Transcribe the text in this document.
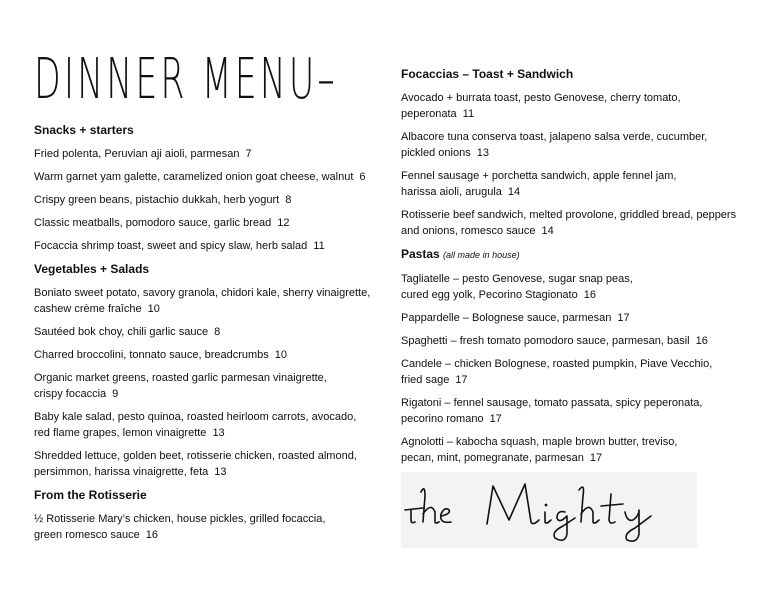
DINNER MENU–
Snacks + starters
Fried polenta, Peruvian aji aioli, parmesan 7
Warm garnet yam galette, caramelized onion goat cheese, walnut 6
Crispy green beans, pistachio dukkah, herb yogurt 8
Classic meatballs, pomodoro sauce, garlic bread 12
Focaccia shrimp toast, sweet and spicy slaw, herb salad 11
Vegetables + Salads
Boniato sweet potato, savory granola, chidori kale, sherry vinaigrette,
cashew crème fraîche 10
Sautéed bok choy, chili garlic sauce 8
Charred broccolini, tonnato sauce, breadcrumbs 10
Organic market greens, roasted garlic parmesan vinaigrette,
crispy focaccia 9
Baby kale salad, pesto quinoa, roasted heirloom carrots, avocado,
red flame grapes, lemon vinaigrette 13
Shredded lettuce, golden beet, rotisserie chicken, roasted almond,
persimmon, harissa vinaigrette, feta 13
From the Rotisserie
½ Rotisserie Mary’s chicken, house pickles, grilled focaccia,
green romesco sauce 16
Focaccias – Toast + Sandwich
Avocado + burrata toast, pesto Genovese, cherry tomato,
peperonata 11
Albacore tuna conserva toast, jalapeno salsa verde, cucumber,
pickled onions 13
Fennel sausage + porchetta sandwich, apple fennel jam,
harissa aioli, arugula 14
Rotisserie beef sandwich, melted provolone, griddled bread, peppers
and onions, romesco sauce 14
Pastas (all made in house)
Tagliatelle – pesto Genovese, sugar snap peas,
cured egg yolk, Pecorino Stagionato 16
Pappardelle – Bolognese sauce, parmesan 17
Spaghetti – fresh tomato pomodoro sauce, parmesan, basil 16
Candele – chicken Bolognese, roasted pumpkin, Piave Vecchio,
fried sage 17
Rigatoni – fennel sausage, tomato passata, spicy peperonata,
pecorino romano 17
Agnolotti – kabocha squash, maple brown butter, treviso,
pecan, mint, pomegranate, parmesan 17
